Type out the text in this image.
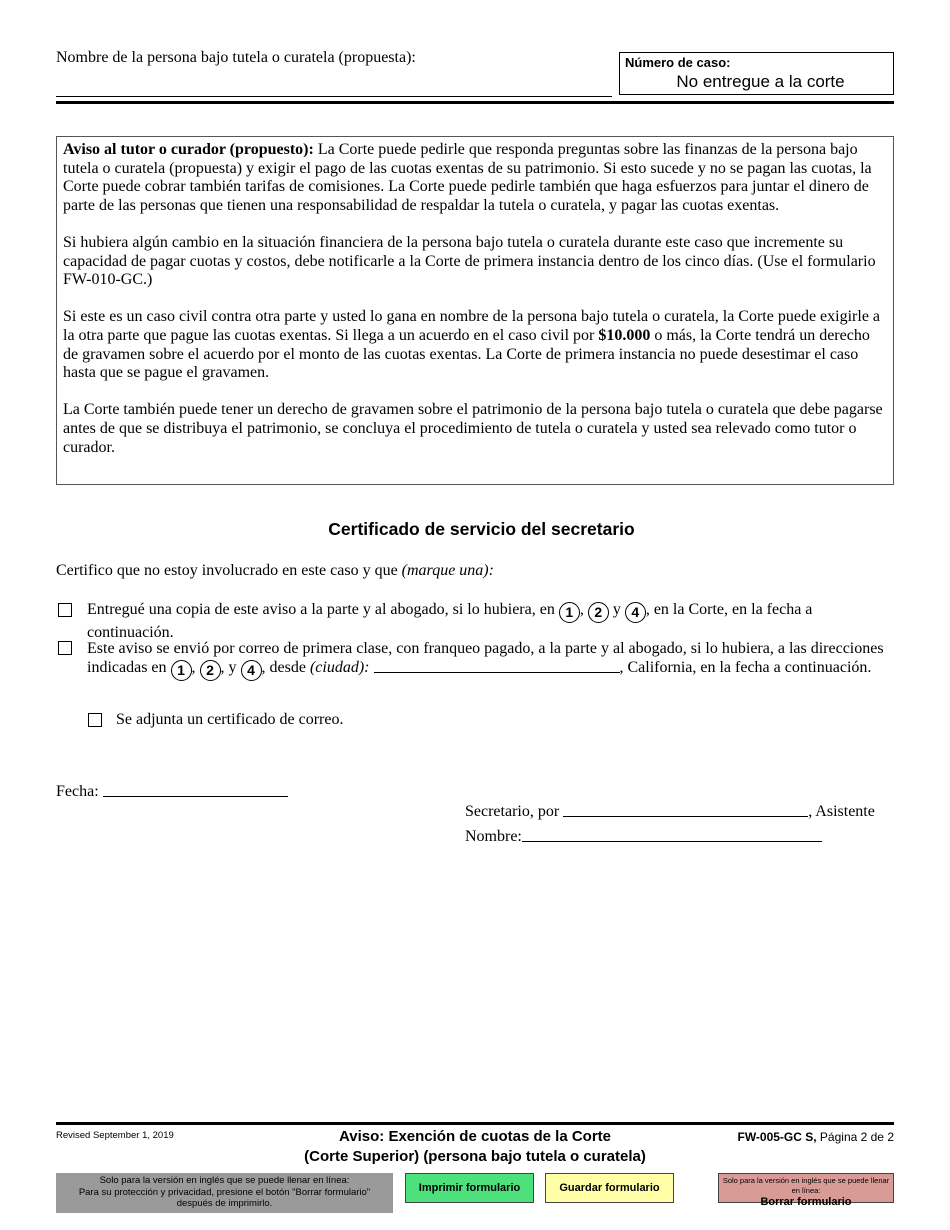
Nombre de la persona bajo tutela o curatela (propuesta):	Número de caso:
No entregue a la corte

Aviso al tutor o curador (propuesto): La Corte puede pedirle que responda preguntas sobre las finanzas de la persona bajo tutela o curatela (propuesta) y exigir el pago de las cuotas exentas de su patrimonio. Si esto sucede y no se pagan las cuotas, la Corte puede cobrar también tarifas de comisiones. La Corte puede pedirle también que haga esfuerzos para juntar el dinero de parte de las personas que tienen una responsabilidad de respaldar la tutela o curatela, y pagar las cuotas exentas.

Si hubiera algún cambio en la situación financiera de la persona bajo tutela o curatela durante este caso que incremente su capacidad de pagar cuotas y costos, debe notificarle a la Corte de primera instancia dentro de los cinco días. (Use el formulario FW-010-GC.)

Si este es un caso civil contra otra parte y usted lo gana en nombre de la persona bajo tutela o curatela, la Corte puede exigirle a la otra parte que pague las cuotas exentas. Si llega a un acuerdo en el caso civil por $10.000 o más, la Corte tendrá un derecho de gravamen sobre el acuerdo por el monto de las cuotas exentas. La Corte de primera instancia no puede desestimar el caso hasta que se pague el gravamen.

La Corte también puede tener un derecho de gravamen sobre el patrimonio de la persona bajo tutela o curatela que debe pagarse antes de que se distribuya el patrimonio, se concluya el procedimiento de tutela o curatela y usted sea relevado como tutor o curador.

Certificado de servicio del secretario
Certifico que no estoy involucrado en este caso y que (marque una):
Entregué una copia de este aviso a la parte y al abogado, si lo hubiera, en 1 , 2 y 4 , en la Corte, en la fecha a continuación.
Este aviso se envió por correo de primera clase, con franqueo pagado, a la parte y al abogado, si lo hubiera, a las direcciones indicadas en 1 , 2 , y 4 , desde (ciudad):	, California, en la fecha a continuación.
Se adjunta un certificado de correo.
Fecha:
Secretario, por	, Asistente
Nombre:
Revised September 1, 2019	Aviso: Exención de cuotas de la Corte
(Corte Superior) (persona bajo tutela o curatela)
FW-005-GC S, Página 2 de 2
Solo para la versión en inglés que se puede llenar en línea:
Para su protección y privacidad, presione el botón "Borrar formulario"
después de imprimirlo.
Imprimir formulario	Guardar formulario
Solo para la versión en inglés que se puede llenar en línea:
Borrar formulario
